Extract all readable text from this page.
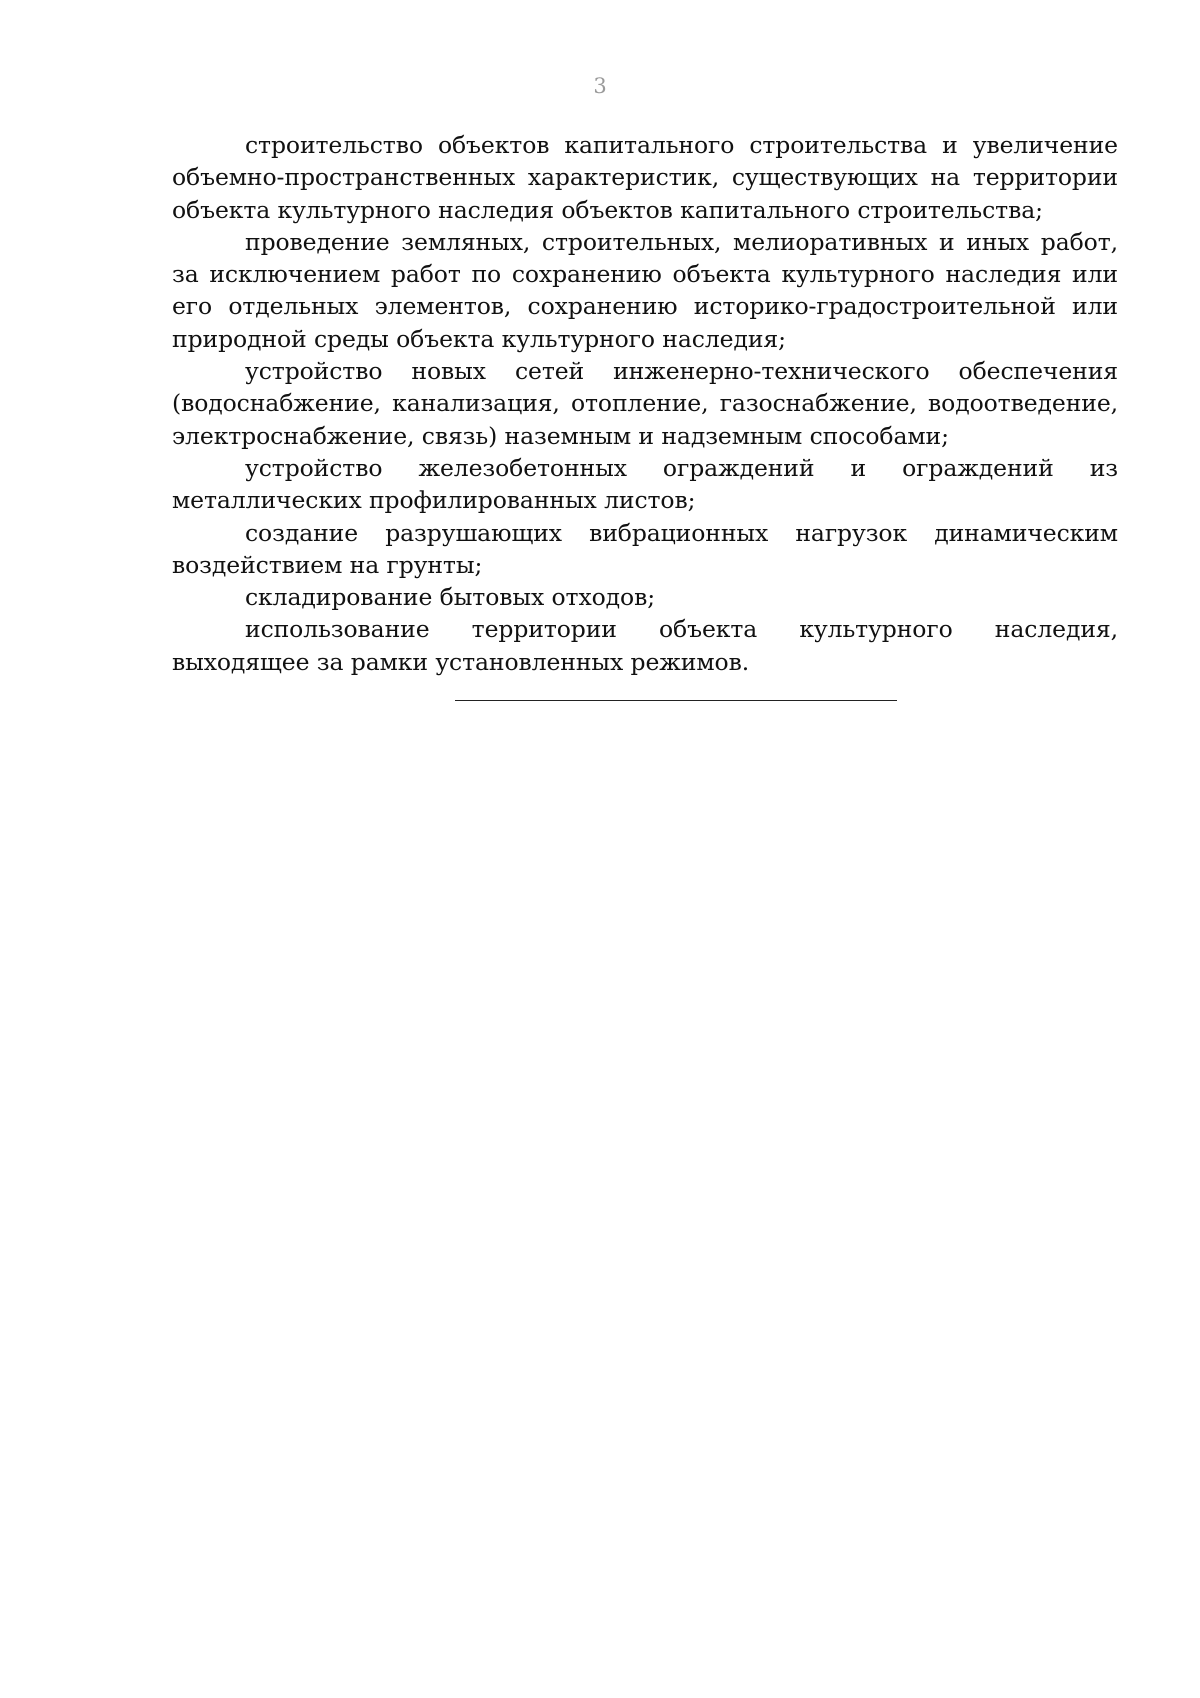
3

строительство объектов капитального строительства и увеличение объемно-пространственных характеристик, существующих на территории объекта культурного наследия объектов капитального строительства;

проведение земляных, строительных, мелиоративных и иных работ, за исключением работ по сохранению объекта культурного наследия или его отдельных элементов, сохранению историко-градостроительной или природной среды объекта культурного наследия;

устройство новых сетей инженерно-технического обеспечения (водоснабжение, канализация, отопление, газоснабжение, водоотведение, электроснабжение, связь) наземным и надземным способами;

устройство железобетонных ограждений и ограждений из металлических профилированных листов;

создание разрушающих вибрационных нагрузок динамическим воздействием на грунты;

складирование бытовых отходов;

использование территории объекта культурного наследия, выходящее за рамки установленных режимов.
